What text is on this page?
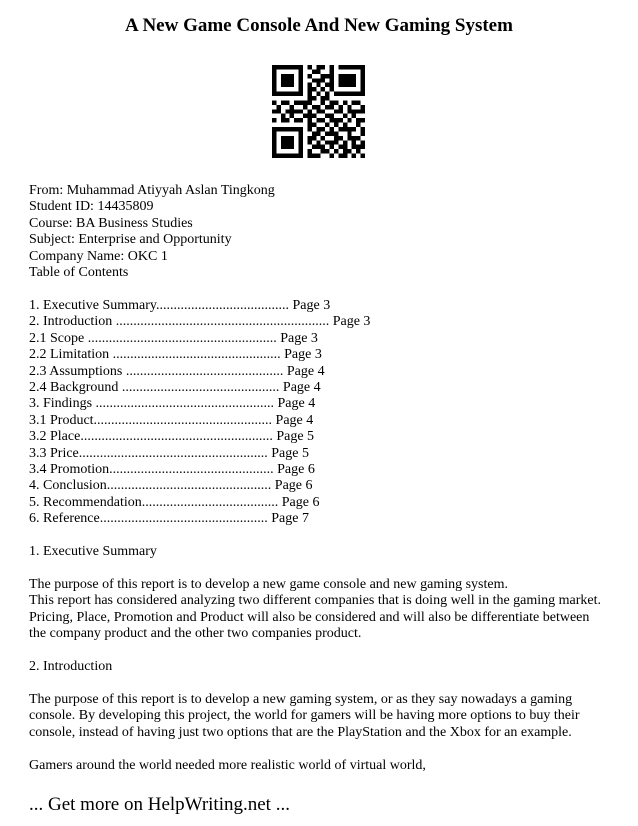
A New Game Console And New Gaming System
From: Muhammad Atiyyah Aslan Tingkong
Student ID: 14435809
Course: BA Business Studies
Subject: Enterprise and Opportunity
Company Name: OKC 1
Table of Contents
1. Executive Summary...................................... Page 3
2. Introduction ............................................................. Page 3
2.1 Scope ...................................................... Page 3
2.2 Limitation ................................................ Page 3
2.3 Assumptions ............................................. Page 4
2.4 Background ............................................. Page 4
3. Findings ................................................... Page 4
3.1 Product................................................... Page 4
3.2 Place....................................................... Page 5
3.3 Price...................................................... Page 5
3.4 Promotion............................................... Page 6
4. Conclusion............................................... Page 6
5. Recommendation....................................... Page 6
6. Reference................................................ Page 7
1. Executive Summary
The purpose of this report is to develop a new game console and new gaming system.
This report has considered analyzing two different companies that is doing well in the gaming market.
Pricing, Place, Promotion and Product will also be considered and will also be differentiate between
the company product and the other two companies product.
2. Introduction
The purpose of this report is to develop a new gaming system, or as they say nowadays a gaming
console. By developing this project, the world for gamers will be having more options to buy their
console, instead of having just two options that are the PlayStation and the Xbox for an example.
Gamers around the world needed more realistic world of virtual world,
... Get more on HelpWriting.net ...
